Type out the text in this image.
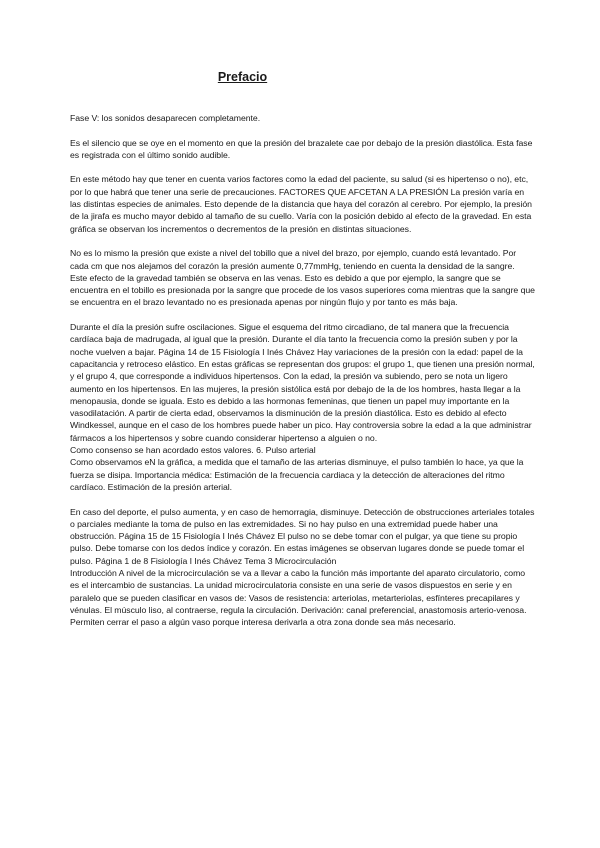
Prefacio

Fase V: los sonidos desaparecen completamente.

Es el silencio que se oye en el momento en que la presión del brazalete cae por debajo de la presión diastólica. Esta fase es registrada con el último sonido audible.

En este método hay que tener en cuenta varios factores como la edad del paciente, su salud (si es hipertenso o no), etc, por lo que habrá que tener una serie de precauciones. FACTORES QUE AFCETAN A LA PRESIÓN La presión varía en las distintas especies de animales. Esto depende de la distancia que haya del corazón al cerebro. Por ejemplo, la presión de la jirafa es mucho mayor debido al tamaño de su cuello. Varía con la posición debido al efecto de la gravedad. En esta gráfica se observan los incrementos o decrementos de la presión en distintas situaciones.

No es lo mismo la presión que existe a nivel del tobillo que a nivel del brazo, por ejemplo, cuando está levantado. Por cada cm que nos alejamos del corazón la presión aumente 0,77mmHg, teniendo en cuenta la densidad de la sangre.

Este efecto de la gravedad también se observa en las venas. Esto es debido a que por ejemplo, la sangre que se encuentra en el tobillo es presionada por la sangre que procede de los vasos superiores coma mientras que la sangre que se encuentra en el brazo levantado no es presionada apenas por ningún flujo y por tanto es más baja.

Durante el día la presión sufre oscilaciones. Sigue el esquema del ritmo circadiano, de tal manera que la frecuencia cardíaca baja de madrugada, al igual que la presión. Durante el día tanto la frecuencia como la presión suben y por la noche vuelven a bajar. Página 14 de 15 Fisiología I Inés Chávez Hay variaciones de la presión con la edad: papel de la capacitancia y retroceso elástico. En estas gráficas se representan dos grupos: el grupo 1, que tienen una presión normal, y el grupo 4, que corresponde a individuos hipertensos. Con la edad, la presión va subiendo, pero se nota un ligero aumento en los hipertensos. En las mujeres, la presión sistólica está por debajo de la de los hombres, hasta llegar a la menopausia, donde se iguala. Esto es debido a las hormonas femeninas, que tienen un papel muy importante en la vasodilatación. A partir de cierta edad, observamos la disminución de la presión diastólica. Esto es debido al efecto Windkessel, aunque en el caso de los hombres puede haber un pico. Hay controversia sobre la edad a la que administrar fármacos a los hipertensos y sobre cuando considerar hipertenso a alguien o no.

Como consenso se han acordado estos valores. 6. Pulso arterial

Como observamos eN la gráfica, a medida que el tamaño de las arterias disminuye, el pulso también lo hace, ya que la fuerza se disipa. Importancia médica: Estimación de la frecuencia cardiaca y la detección de alteraciones del ritmo cardíaco. Estimación de la presión arterial.

En caso del deporte, el pulso aumenta, y en caso de hemorragia, disminuye. Detección de obstrucciones arteriales totales o parciales mediante la toma de pulso en las extremidades. Si no hay pulso en una extremidad puede haber una obstrucción. Página 15 de 15 Fisiología I Inés Chávez El pulso no se debe tomar con el pulgar, ya que tiene su propio pulso. Debe tomarse con los dedos índice y corazón. En estas imágenes se observan lugares donde se puede tomar el pulso. Página 1 de 8 Fisiología I Inés Chávez Tema 3 Microcirculación

Introducción A nivel de la microcirculación se va a llevar a cabo la función más importante del aparato circulatorio, como es el intercambio de sustancias. La unidad microcirculatoria consiste en una serie de vasos dispuestos en serie y en paralelo que se pueden clasificar en vasos de: Vasos de resistencia: arteriolas, metarteriolas, esfínteres precapilares y vénulas. El músculo liso, al contraerse, regula la circulación. Derivación: canal preferencial, anastomosis arterio-venosa. Permiten cerrar el paso a algún vaso porque interesa derivarla a otra zona donde sea más necesario.
